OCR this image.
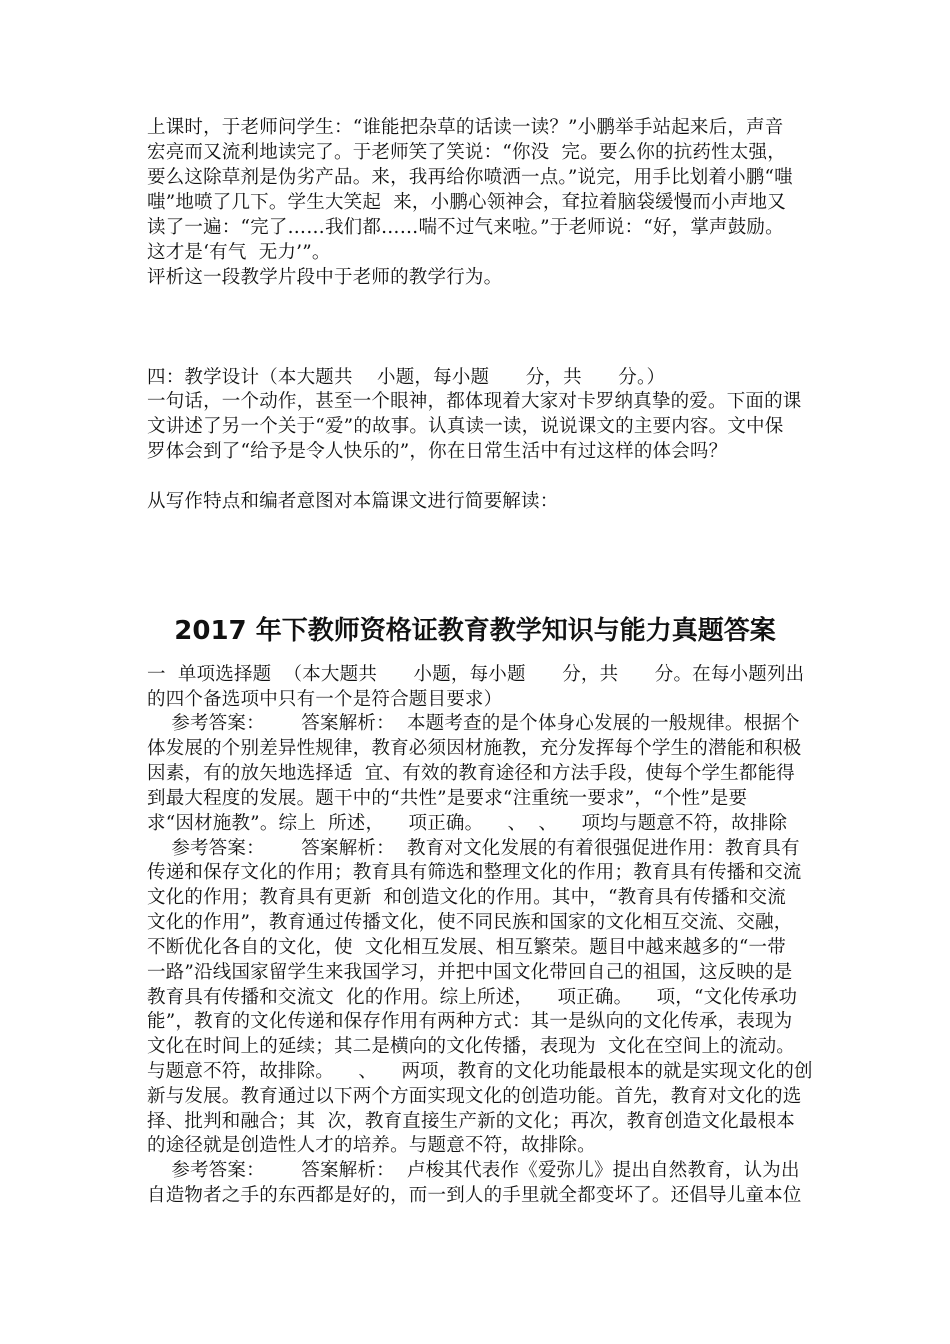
上课时，于老师问学生：“谁能把杂草的话读一读？”小鹏举手站起来后，声音
宏亮而又流利地读完了。于老师笑了笑说：“你没  完。要么你的抗药性太强，
要么这除草剂是伪劣产品。来，我再给你喷洒一点。”说完，用手比划着小鹏“嗤
嗤”地喷了几下。学生大笑起  来，小鹏心领神会，耷拉着脑袋缓慢而小声地又
读了一遍：“完了……我们都……喘不过气来啦。”于老师说：“好，掌声鼓励。
这才是‘有气  无力’”。
评析这一段教学片段中于老师的教学行为。
四：教学设计（本大题共    小题，每小题      分，共      分。）
一句话，一个动作，甚至一个眼神，都体现着大家对卡罗纳真挚的爱。下面的课
文讲述了另一个关于“爱”的故事。认真读一读，说说课文的主要内容。文中保
罗体会到了“给予是令人快乐的”，你在日常生活中有过这样的体会吗？
从写作特点和编者意图对本篇课文进行简要解读：
2017 年下教师资格证教育教学知识与能力真题答案
一  单项选择题  （本大题共      小题，每小题      分，共      分。在每小题列出
的四个备选项中只有一个是符合题目要求）
参考答案：      答案解析：  本题考查的是个体身心发展的一般规律。根据个
体发展的个别差异性规律，教育必须因材施教，充分发挥每个学生的潜能和积极
因素，有的放矢地选择适  宜、有效的教育途径和方法手段，使每个学生都能得
到最大程度的发展。题干中的“共性”是要求“注重统一要求”，“个性”是要
求“因材施教”。综上  所述，    项正确。    、  、    项均与题意不符，故排除
参考答案：      答案解析：  教育对文化发展的有着很强促进作用：教育具有
传递和保存文化的作用；教育具有筛选和整理文化的作用；教育具有传播和交流
文化的作用；教育具有更新  和创造文化的作用。其中，“教育具有传播和交流
文化的作用”，教育通过传播文化，使不同民族和国家的文化相互交流、交融，
不断优化各自的文化，使  文化相互发展、相互繁荣。题目中越来越多的“一带
一路”沿线国家留学生来我国学习，并把中国文化带回自己的祖国，这反映的是
教育具有传播和交流文  化的作用。综上所述，    项正确。    项，“文化传承功
能”，教育的文化传递和保存作用有两种方式：其一是纵向的文化传承，表现为
文化在时间上的延续；其二是横向的文化传播，表现为  文化在空间上的流动。
与题意不符，故排除。    、    两项，教育的文化功能最根本的就是实现文化的创
新与发展。教育通过以下两个方面实现文化的创造功能。首先，教育对文化的选
择、批判和融合；其  次，教育直接生产新的文化；再次，教育创造文化最根本
的途径就是创造性人才的培养。与题意不符，故排除。
参考答案：      答案解析：  卢梭其代表作《爱弥儿》提出自然教育，认为出
自造物者之手的东西都是好的，而一到人的手里就全都变坏了。还倡导儿童本位
